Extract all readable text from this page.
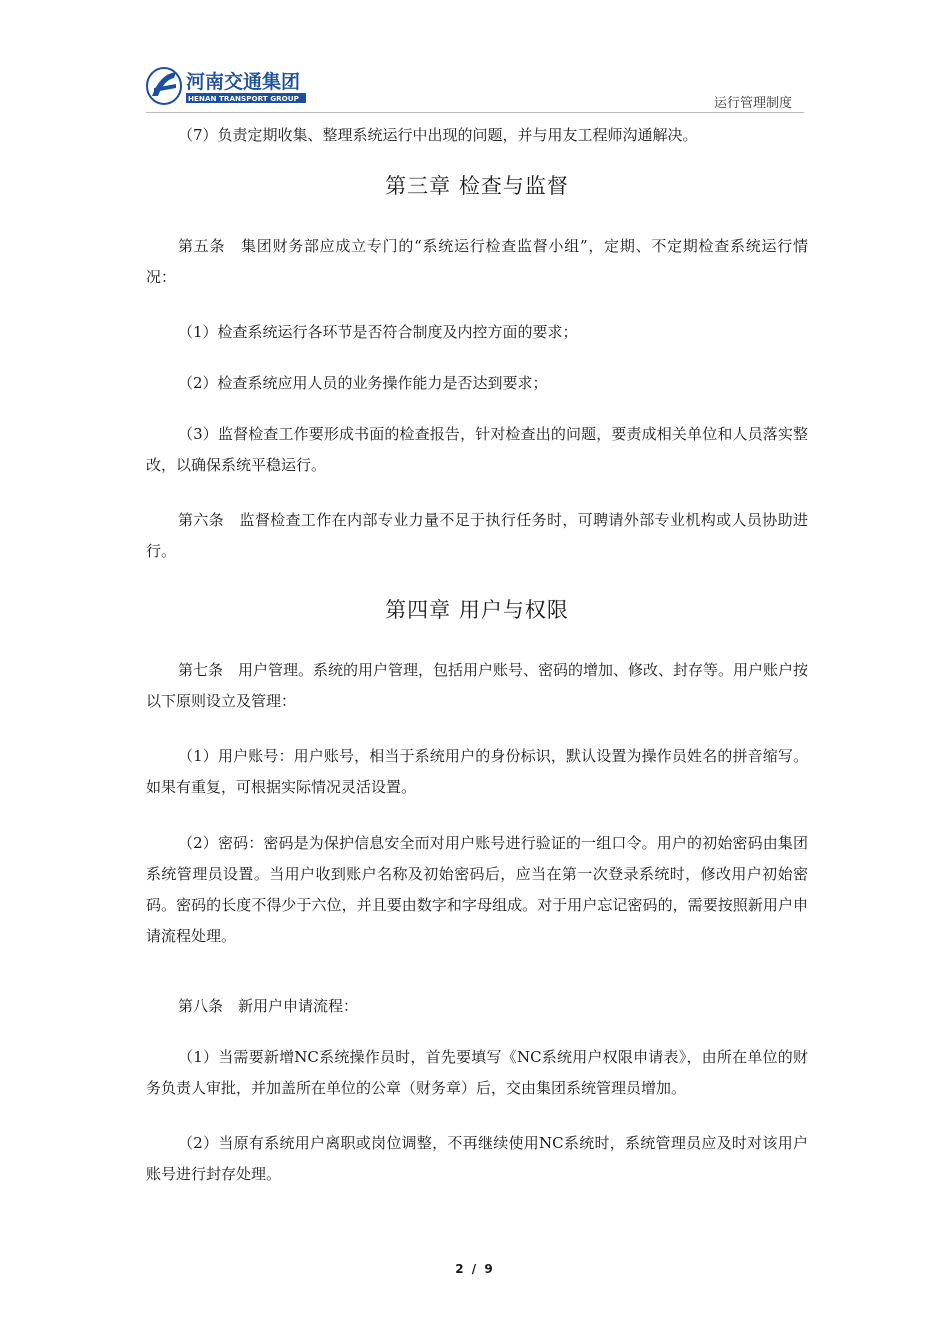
河南交通集团
HENAN TRANSPORT GROUP	运行管理制度
（7）负责定期收集、整理系统运行中出现的问题，并与用友工程师沟通解决。
第三章 检查与监督
第五条　集团财务部应成立专门的“系统运行检查监督小组”，定期、不定期检查系统运行情况：
（1）检查系统运行各环节是否符合制度及内控方面的要求；
（2）检查系统应用人员的业务操作能力是否达到要求；
（3）监督检查工作要形成书面的检查报告，针对检查出的问题，要责成相关单位和人员落实整改，以确保系统平稳运行。
第六条　监督检查工作在内部专业力量不足于执行任务时，可聘请外部专业机构或人员协助进行。
第四章 用户与权限
第七条　用户管理。系统的用户管理，包括用户账号、密码的增加、修改、封存等。用户账户按以下原则设立及管理：
（1）用户账号：用户账号，相当于系统用户的身份标识，默认设置为操作员姓名的拼音缩写。如果有重复，可根据实际情况灵活设置。
（2）密码：密码是为保护信息安全而对用户账号进行验证的一组口令。用户的初始密码由集团系统管理员设置。当用户收到账户名称及初始密码后，应当在第一次登录系统时，修改用户初始密码。密码的长度不得少于六位，并且要由数字和字母组成。对于用户忘记密码的，需要按照新用户申请流程处理。
第八条　新用户申请流程：
（1）当需要新增NC系统操作员时，首先要填写《NC系统用户权限申请表》，由所在单位的财务负责人审批，并加盖所在单位的公章（财务章）后，交由集团系统管理员增加。
（2）当原有系统用户离职或岗位调整，不再继续使用NC系统时，系统管理员应及时对该用户账号进行封存处理。
2 / 9
